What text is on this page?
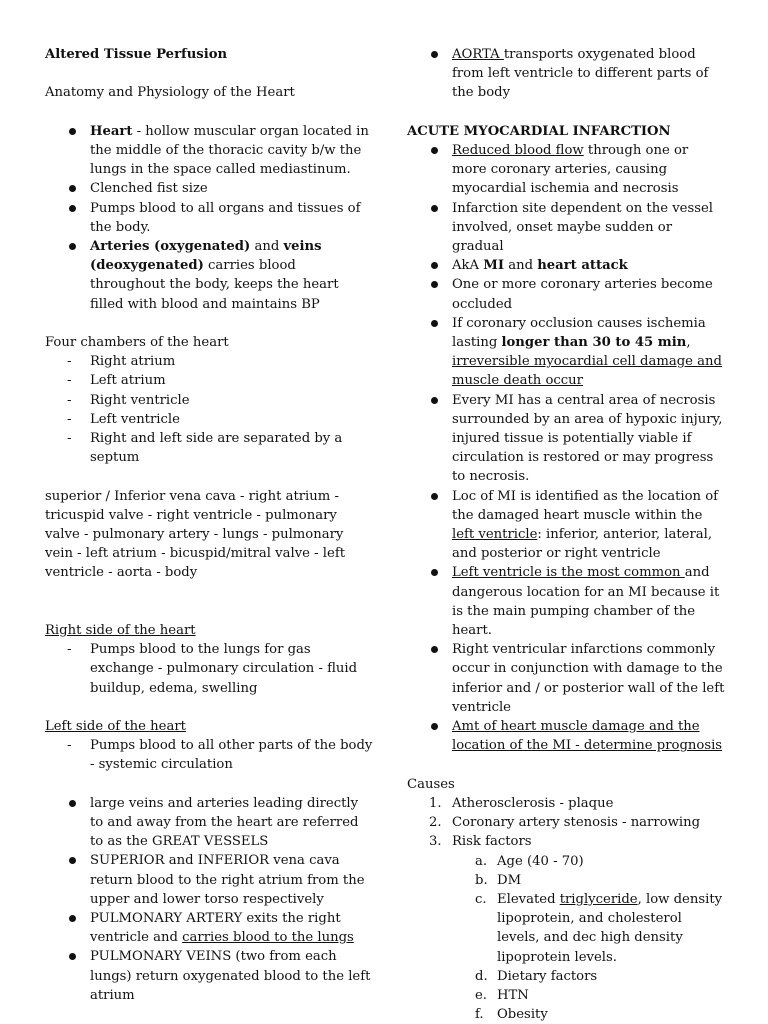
Altered Tissue Perfusion

Anatomy and Physiology of the Heart

Heart - hollow muscular organ located in the middle of the thoracic cavity b/w the lungs in the space called mediastinum.
Clenched fist size
Pumps blood to all organs and tissues of the body.
Arteries (oxygenated) and veins (deoxygenated) carries blood throughout the body, keeps the heart filled with blood and maintains BP

Four chambers of the heart

- Right atrium
- Left atrium
- Right ventricle
- Left ventricle
- Right and left side are separated by a septum

superior / Inferior vena cava - right atrium - tricuspid valve - right ventricle - pulmonary valve - pulmonary artery - lungs - pulmonary vein - left atrium - bicuspid/mitral valve - left ventricle - aorta - body

Right side of the heart

- Pumps blood to the lungs for gas exchange - pulmonary circulation - fluid buildup, edema, swelling

Left side of the heart

- Pumps blood to all other parts of the body - systemic circulation
large veins and arteries leading directly to and away from the heart are referred to as the GREAT VESSELS
SUPERIOR and INFERIOR vena cava return blood to the right atrium from the upper and lower torso respectively
PULMONARY ARTERY exits the right ventricle and carries blood to the lungs
PULMONARY VEINS (two from each lungs) return oxygenated blood to the left atrium
AORTA transports oxygenated blood from left ventricle to different parts of the body

ACUTE MYOCARDIAL INFARCTION

Reduced blood flow through one or more coronary arteries, causing myocardial ischemia and necrosis
Infarction site dependent on the vessel involved, onset maybe sudden or gradual
AkA MI and heart attack
One or more coronary arteries become occluded
If coronary occlusion causes ischemia lasting longer than 30 to 45 min, irreversible myocardial cell damage and muscle death occur
Every MI has a central area of necrosis surrounded by an area of hypoxic injury, injured tissue is potentially viable if circulation is restored or may progress to necrosis.
Loc of MI is identified as the location of the damaged heart muscle within the left ventricle: inferior, anterior, lateral, and posterior or right ventricle
Left ventricle is the most common and dangerous location for an MI because it is the main pumping chamber of the heart.
Right ventricular infarctions commonly occur in conjunction with damage to the inferior and / or posterior wall of the left ventricle
Amt of heart muscle damage and the location of the MI - determine prognosis

Causes

1. Atherosclerosis - plaque
2. Coronary artery stenosis - narrowing
3. Risk factors
a. Age (40 - 70)
b. DM
c. Elevated triglyceride, low density lipoprotein, and cholesterol levels, and dec high density lipoprotein levels.
d. Dietary factors
e. HTN
f. Obesity
